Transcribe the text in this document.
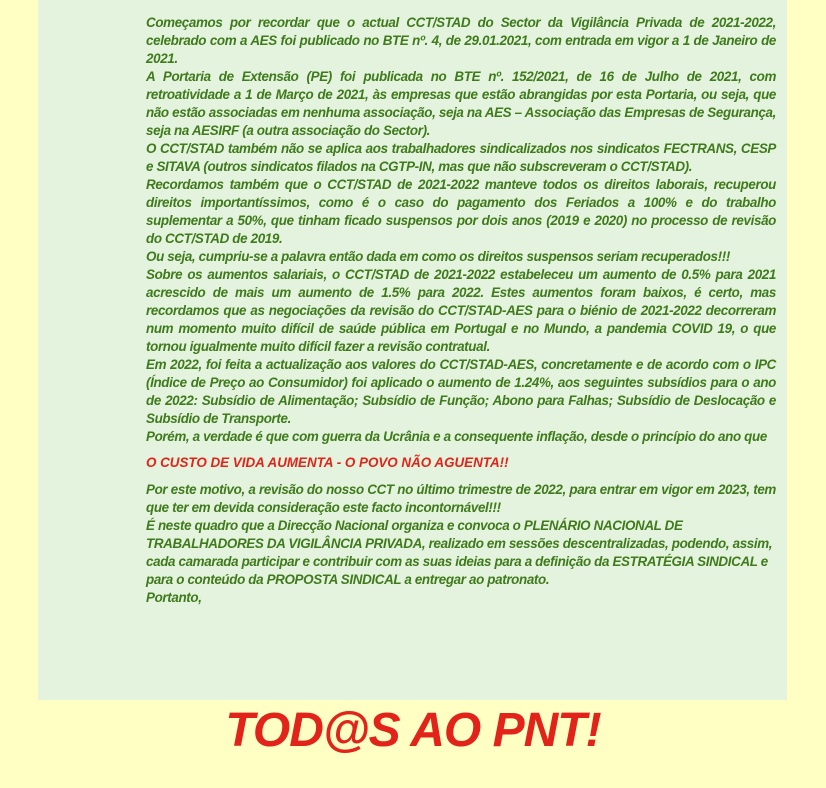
Começamos por recordar que o actual CCT/STAD do Sector da Vigilância Privada de 2021-2022, celebrado com a AES foi publicado no BTE nº. 4, de 29.01.2021, com entrada em vigor a 1 de Janeiro de 2021.

A Portaria de Extensão (PE) foi publicada no BTE nº. 152/2021, de 16 de Julho de 2021, com retroatividade a 1 de Março de 2021, às empresas que estão abrangidas por esta Portaria, ou seja, que não estão associadas em nenhuma associação, seja na AES – Associação das Empresas de Segurança, seja na AESIRF (a outra associação do Sector).

O CCT/STAD também não se aplica aos trabalhadores sindicalizados nos sindicatos FECTRANS, CESP e SITAVA (outros sindicatos filados na CGTP-IN, mas que não subscreveram o CCT/STAD).

Recordamos também que o CCT/STAD de 2021-2022 manteve todos os direitos laborais, recuperou direitos importantíssimos, como é o caso do pagamento dos Feriados a 100% e do trabalho suplementar a 50%, que tinham ficado suspensos por dois anos (2019 e 2020) no processo de revisão do CCT/STAD de 2019.

Ou seja, cumpriu-se a palavra então dada em como os direitos suspensos seriam recuperados!!!

Sobre os aumentos salariais, o CCT/STAD de 2021-2022 estabeleceu um aumento de 0.5% para 2021 acrescido de mais um aumento de 1.5% para 2022. Estes aumentos foram baixos, é certo, mas recordamos que as negociações da revisão do CCT/STAD-AES para o biénio de 2021-2022 decorreram num momento muito difícil de saúde pública em Portugal e no Mundo, a pandemia COVID 19, o que tornou igualmente muito difícil fazer a revisão contratual.

Em 2022, foi feita a actualização aos valores do CCT/STAD-AES, concretamente e de acordo com o IPC (Índice de Preço ao Consumidor) foi aplicado o aumento de 1.24%, aos seguintes subsídios para o ano de 2022: Subsídio de Alimentação; Subsídio de Função; Abono para Falhas; Subsídio de Deslocação e Subsídio de Transporte.

Porém, a verdade é que com guerra da Ucrânia e a consequente inflação, desde o princípio do ano que

O CUSTO DE VIDA AUMENTA - O POVO NÃO AGUENTA!!

Por este motivo, a revisão do nosso CCT no último trimestre de 2022, para entrar em vigor em 2023, tem que ter em devida consideração este facto incontornável!!!

É neste quadro que a Direcção Nacional organiza e convoca o PLENÁRIO NACIONAL DE TRABALHADORES DA VIGILÂNCIA PRIVADA, realizado em sessões descentralizadas, podendo, assim, cada camarada participar e contribuir com as suas ideias para a definição da ESTRATÉGIA SINDICAL e para o conteúdo da PROPOSTA SINDICAL a entregar ao patronato.

Portanto,

TOD@S AO PNT!
